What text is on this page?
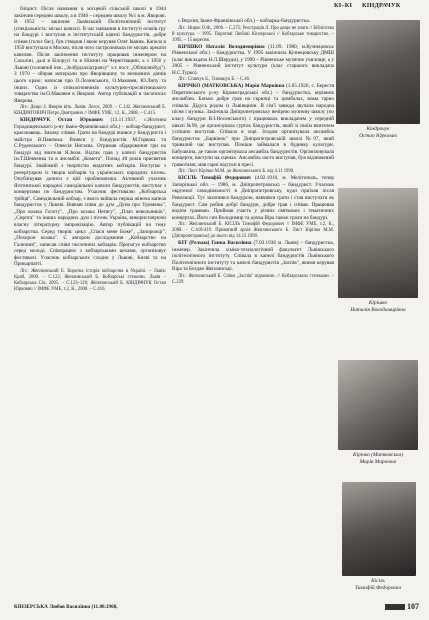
КІ–КІ КІНДРАЧУК

бліцист. Після навчання в місцевій сільській школі в 1944 закінчив середню школу, а в 1946 – середню школу №1 в м. Яворові. В 1952 – закінчив Львівський Політехнічний інститут (спеціальність: міські шляхи). В час навчання в інституті освоїв гру на бандурі і виступав в інститутській капелі бандуристів, добре співав (голос бас), був створив і якою керував Олег Іваник. Капела в 1950 виступала в Москві, після чого гастролювала по місцях арешти капелян. Після закінчення інституту працював інженером на Сахаліні, далі в Білорусі та в Ніжині на Чернігівщині, а з 1956 у Львові (головний інж. „Зелбудзахідтрансу" з.т. пост. „Облшляхбуд"). З 1970 – збирав матеріали про Яворівщину та визначних діячів цього краю; написав про О.Лозинського, О.Маковея, Ю.Липу та інших. Один із співзасновників культурно-просвітницького товариства ім.О.Маковея в Яворові. Автор публікацій в часописах Яворова.

Літ.: Дещо З. Яворів віть. Львів: Логос, 2009. – С.142. Жеплинський Б. КІНДРАТОВИЧ Петро Дмитрович // ІМФЕ УМЕ, т.2, К., 2008. – С.415.

КІНДРАЧУК Остап Юркович (13.11.1937, с.Яготина Городищенського р-ну Івано-Франківської обл.) – кобзар-бандурист, краєзнавець. Змалку співав. Грати на бандурі вчився у бандуриста і майстра В.Павлюка. Вчився у бандуристів М.Горвака та С.Руденського – Олексія Нигаєва. Отримав обдаровання гри на бандурі від вчителя Я.Зюзя. Відтак грав у капелі бандуристів ім.Т.Шевченка та в ансамблі „Комета". Понад 40 років присвятив бандурі. Знайомий з творчістю видатних кобзарів. Виступає з репертуаром із творів кобзарів та українських народних пісень. Опублікував дописи з цієї проблематики. Активний учасник Яготинської народної самодіяльної капели бандуристів, виступає з концертами по бандуристам. Учасник фестивалю „Кобзарська трійця". Самодіяльний кобзар, з якого вийшла перша жіноча капела бандуристок у Львові. Вивчав співи до дум „Дума про Удовенка", „Про козака Голоту", „Про козака Нетягу", „Плач невольників", „Сирота" та інших народних дум і пісень Україна, використовуючи власну літературну імпровізацію. Автор публікацій на тему кобзарства. Серед творів: цикл „Спаси мене Боже", „Запорожці", „Похорон козака". Є автором дослідження „Кобзарство на Галичині", записав співи численних кобзарів. Пропагує кобзарство серед молоді. Співпрацює з кобзарськими цехами, організовує фестивалі. Учасник кобзарських сходин у Львові, Києві та на Прикарпатті.

Літ.: Жеплинський Б. Коротка історія кобзарства в Україні. – Львів: Край, 2000. – С.122; Жеплинський Б. Кобзарські стежини. Львів – Кобзарська Січ, 2005. – С.123–126; Жеплинський Б. КІНДРАЧУК Остап Юркович // ІМФЕ УМЕ, т.2, К., 2008. – С.416.

КІНЗЕРСЬКА Любов Василівна (11.08.1960,

с.Верхня, Івано-Франківської обл.) – кобзарка-бандуристка.

Літ.: Нирко О.Ф., 2006. – С.275; Реєстрація Л. Про дещо не знати // Бібліотека й культура. – 1995. Порогові Любові Кінзерської // Кобзарське товариство. – 1995. – 15 вересня.

КІРІШКО Наталія Володимирівна (11.09. 1980, м.Кузнецовськ Рівненської обл.) – бандуристка. У 1995 закінчила Кузнецовську ДМШ (клас викладача Н.Л.Шеруди), у 1999 – Рівненське музичне училище, а у 2005 – Рівненський інститут культури (клас старшого викладача Н.С.Турко).

Літ.: Ставчук Б., Тимощук Б. – С.46.

КІРІЧКО (МАТКОВСЬКА) Марія Марківна (1.05.1926, с. Берестя Пирятинського р-ну Кіровоградської обл.) – бандуристка, керівник ансамблю. Батько добре грав на скрипці та цимбалах, мама гарно співала. Дідусь родом із Львівщини. В сім'ї завжди звучала народна пісня і музика. Закінчила Дніпропетровську вечірню музичну школу (по класу бандури В.І.Носенського) і працювала викладачем у середній школі №96, де організувала гурток бандуристів, який зі своїм вчителем успішно виступав. Співала в хорі. Згодом організувала ансамбль бандуристок „Барвінок" при Дніпропетровській школі №97, який тривалий час виступав. Пізніше займалася в будинку культури. Бабушкіна, де також організувала ансамбль бандуристів. Організовувала концерти, виступи на сценах. Ансамбль часто виступав, був відзначений грамотами, мав гарні відгуки в пресі.

Літ.: Лист Кірічко М.М. до Жеплинського Б. від 4.11.1990.

КІСІЛЬ Тимофій Федорович (4.02.1910, м. Мелітополь, тепер Запорізької обл. – 1986, м. Дніпропетровськ) – бандурист. Учасник окружної самодіяльності в Дніпропетровську, куди приїхав після Революції. Тут захопився бандурою, навчився грати і став виступати як бандурист. Сам робив добрі бандури, добре грав і співав. Працював водієм трамваю. Приймав участь у різних святкових і тематичних концертах. Його син Володимир та дочка Віра також грали на бандурі.

Літ.: Жеплинський Б. КІСІЛЬ Тимофій Федорович // ІМФЕ УМЕ, т.2, К., 2008. – С.418-419. Приватний архів Жеплинського Б. Лист Кірічко М.М. (Дніпропетровськ) до нього від 14.12.1990.

КІТ (Рельна) Ганна Василівна (7.03.1936 м. Львів) – бандуристка, інженер. Закінчила хіміко-технологічний факультет Львівського політехнічного інституту. Співала в капелі бандуристів Львівського Політехнічного інституту та капелі бандуристів „Заспів", якими керував Віра та Богдан Жеплинські.

Літ.: Жеплинський Б. Співи „Заспів" відмовою. // Кобзарським стежками. – С.229.

Кіндрачук
Остап Юркович
Кірішко
Наталія Володимирівна
Кірічко (Матковська)
Марія Марківна
Кісіль
Тимофій Федорович
107
